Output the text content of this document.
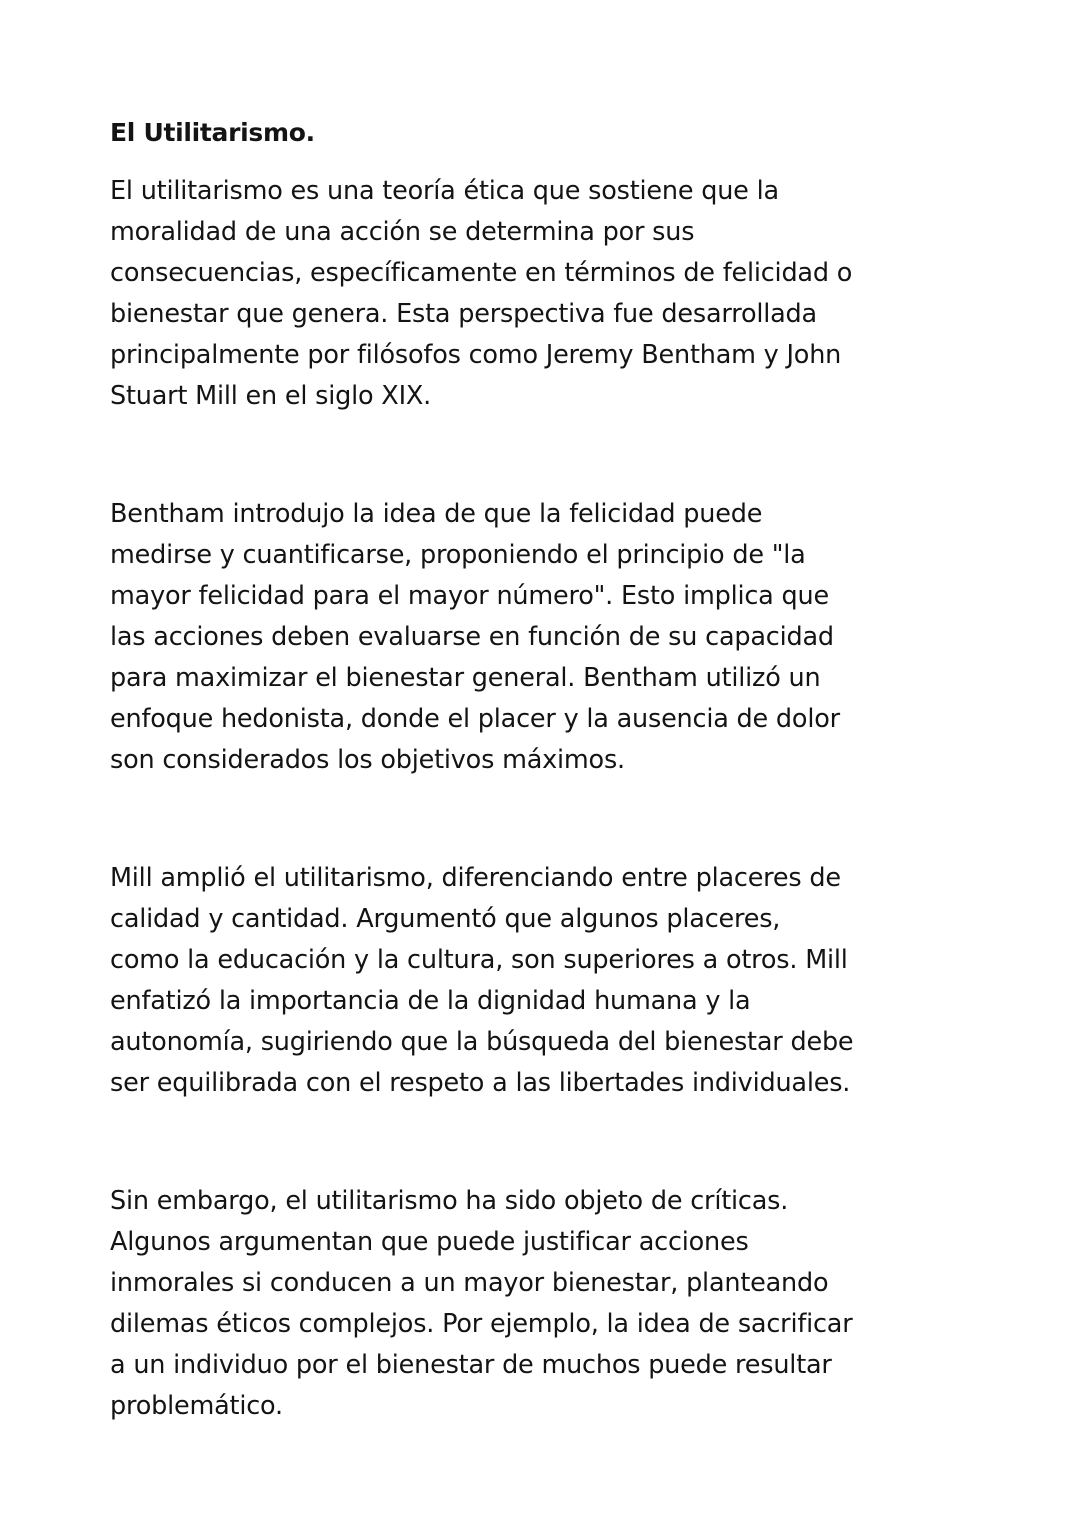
El Utilitarismo.
El utilitarismo es una teoría ética que sostiene que la
moralidad de una acción se determina por sus
consecuencias, específicamente en términos de felicidad o
bienestar que genera. Esta perspectiva fue desarrollada
principalmente por filósofos como Jeremy Bentham y John
Stuart Mill en el siglo XIX.
Bentham introdujo la idea de que la felicidad puede
medirse y cuantificarse, proponiendo el principio de "la
mayor felicidad para el mayor número". Esto implica que
las acciones deben evaluarse en función de su capacidad
para maximizar el bienestar general. Bentham utilizó un
enfoque hedonista, donde el placer y la ausencia de dolor
son considerados los objetivos máximos.
Mill amplió el utilitarismo, diferenciando entre placeres de
calidad y cantidad. Argumentó que algunos placeres,
como la educación y la cultura, son superiores a otros. Mill
enfatizó la importancia de la dignidad humana y la
autonomía, sugiriendo que la búsqueda del bienestar debe
ser equilibrada con el respeto a las libertades individuales.
Sin embargo, el utilitarismo ha sido objeto de críticas.
Algunos argumentan que puede justificar acciones
inmorales si conducen a un mayor bienestar, planteando
dilemas éticos complejos. Por ejemplo, la idea de sacrificar
a un individuo por el bienestar de muchos puede resultar
problemático.
